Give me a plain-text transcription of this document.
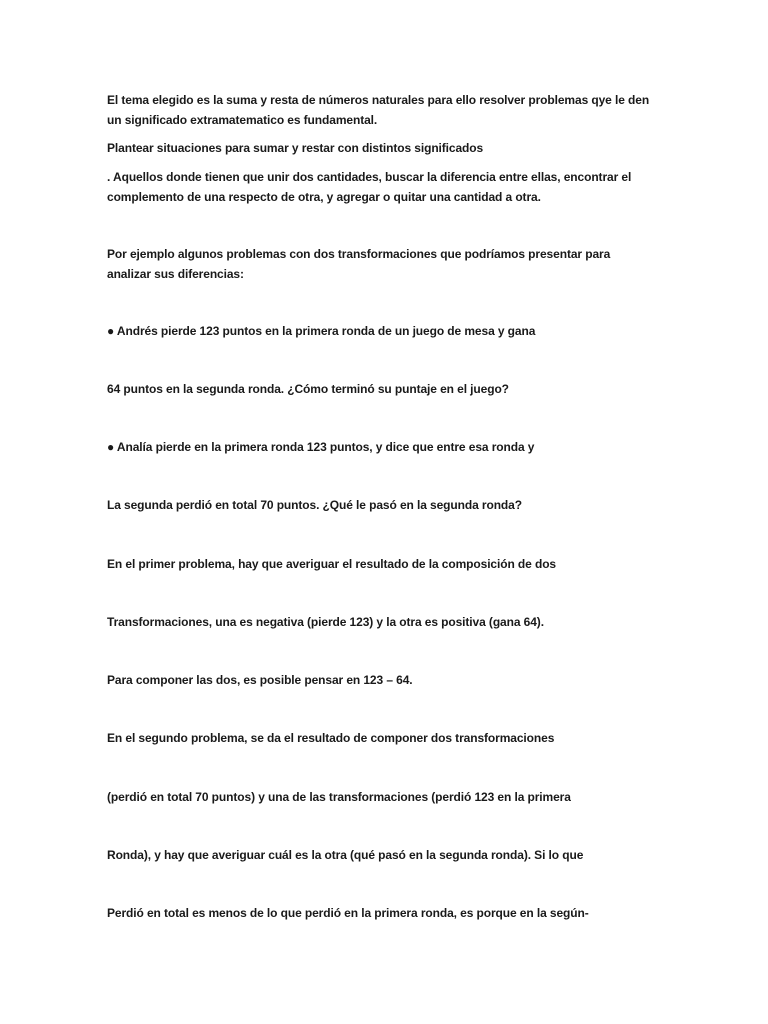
El tema elegido es la suma y resta de números naturales para ello resolver problemas qye le den
un significado extramatematico es fundamental.

Plantear situaciones para sumar y restar con distintos significados

. Aquellos donde tienen que unir dos cantidades, buscar la diferencia entre ellas, encontrar el
complemento de una respecto de otra, y agregar o quitar una cantidad a otra.

Por ejemplo algunos problemas con dos transformaciones que podríamos presentar para
analizar sus diferencias:

● Andrés pierde 123 puntos en la primera ronda de un juego de mesa y gana

64 puntos en la segunda ronda. ¿Cómo terminó su puntaje en el juego?

● Analía pierde en la primera ronda 123 puntos, y dice que entre esa ronda y

La segunda perdió en total 70 puntos. ¿Qué le pasó en la segunda ronda?

En el primer problema, hay que averiguar el resultado de la composición de dos

Transformaciones, una es negativa (pierde 123) y la otra es positiva (gana 64).

Para componer las dos, es posible pensar en 123 – 64.

En el segundo problema, se da el resultado de componer dos transformaciones

(perdió en total 70 puntos) y una de las transformaciones (perdió 123 en la primera

Ronda), y hay que averiguar cuál es la otra (qué pasó en la segunda ronda). Si lo que

Perdió en total es menos de lo que perdió en la primera ronda, es porque en la según-
